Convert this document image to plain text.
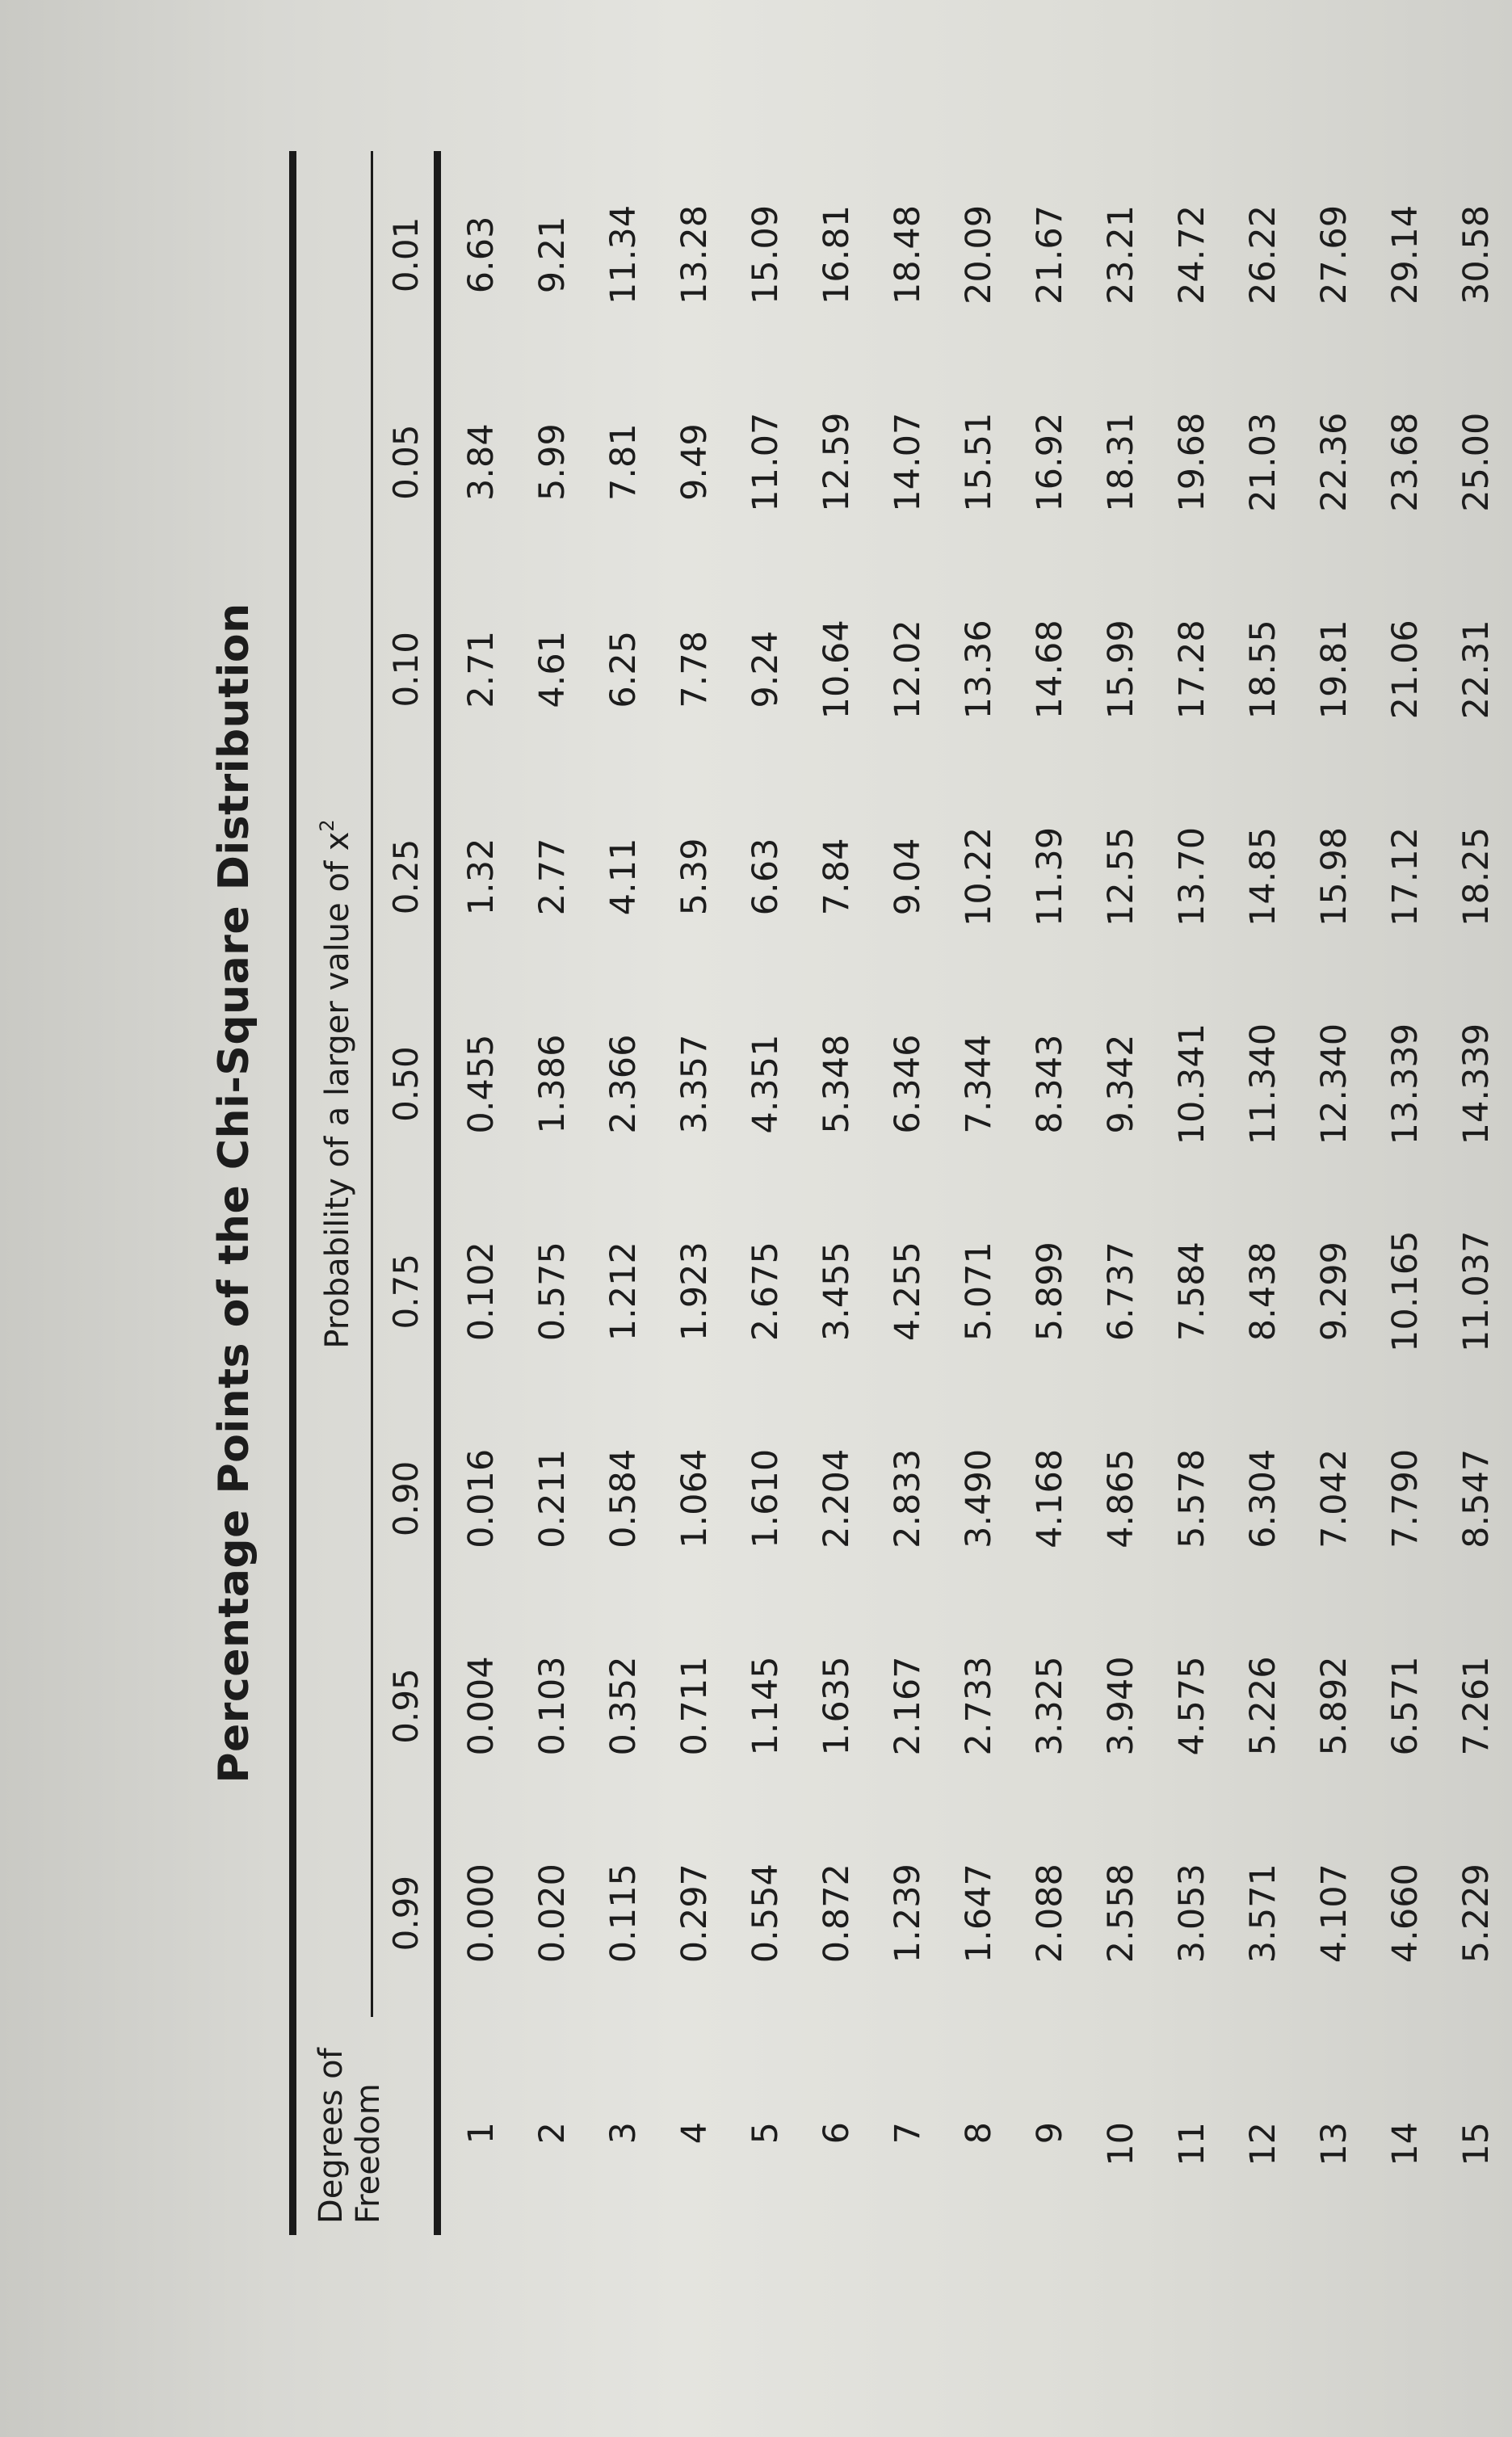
Percentage Points of the Chi-Square Distribution
Degrees of Freedom	Probability of a larger value of $x^2$
	0.99	0.95	0.90	0.75	0.50	0.25	0.10	0.05	0.01
1	0.000	0.004	0.016	0.102	0.455	1.32	2.71	3.84	6.63
2	0.020	0.103	0.211	0.575	1.386	2.77	4.61	5.99	9.21
3	0.115	0.352	0.584	1.212	2.366	4.11	6.25	7.81	11.34
4	0.297	0.711	1.064	1.923	3.357	5.39	7.78	9.49	13.28
5	0.554	1.145	1.610	2.675	4.351	6.63	9.24	11.07	15.09
6	0.872	1.635	2.204	3.455	5.348	7.84	10.64	12.59	16.81
7	1.239	2.167	2.833	4.255	6.346	9.04	12.02	14.07	18.48
8	1.647	2.733	3.490	5.071	7.344	10.22	13.36	15.51	20.09
9	2.088	3.325	4.168	5.899	8.343	11.39	14.68	16.92	21.67
10	2.558	3.940	4.865	6.737	9.342	12.55	15.99	18.31	23.21
11	3.053	4.575	5.578	7.584	10.341	13.70	17.28	19.68	24.72
12	3.571	5.226	6.304	8.438	11.340	14.85	18.55	21.03	26.22
13	4.107	5.892	7.042	9.299	12.340	15.98	19.81	22.36	27.69
14	4.660	6.571	7.790	10.165	13.339	17.12	21.06	23.68	29.14
15	5.229	7.261	8.547	11.037	14.339	18.25	22.31	25.00	30.58
